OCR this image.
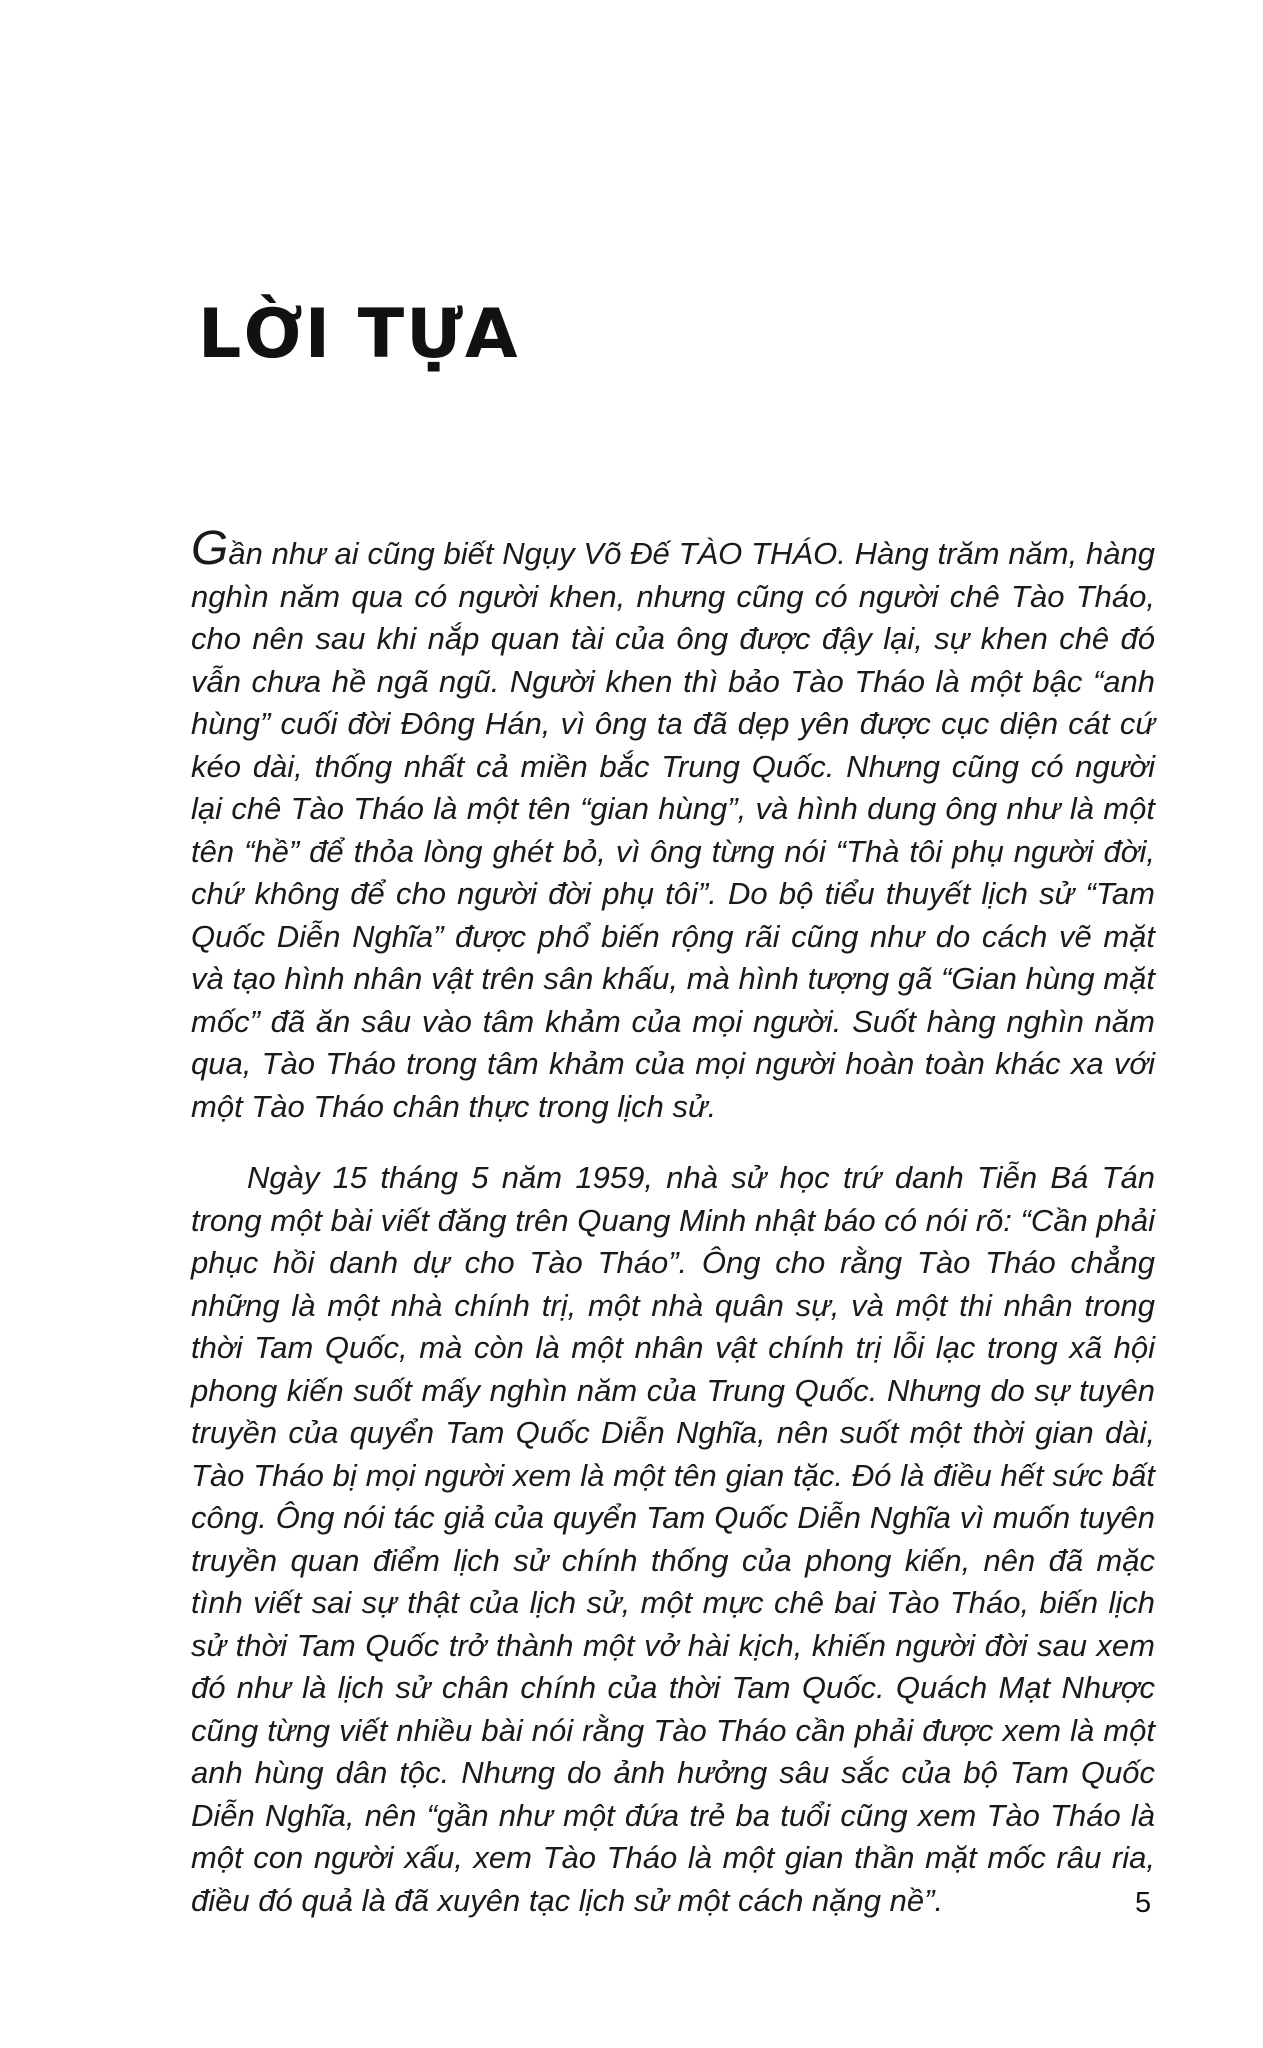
LỜI TỰA

Gần như ai cũng biết Ngụy Võ Đế TÀO THÁO. Hàng trăm năm, hàng nghìn năm qua có người khen, nhưng cũng có người chê Tào Tháo, cho nên sau khi nắp quan tài của ông được đậy lại, sự khen chê đó vẫn chưa hề ngã ngũ. Người khen thì bảo Tào Tháo là một bậc “anh hùng” cuối đời Đông Hán, vì ông ta đã dẹp yên được cục diện cát cứ kéo dài, thống nhất cả miền bắc Trung Quốc. Nhưng cũng có người lại chê Tào Tháo là một tên “gian hùng”, và hình dung ông như là một tên “hề” để thỏa lòng ghét bỏ, vì ông từng nói “Thà tôi phụ người đời, chứ không để cho người đời phụ tôi”. Do bộ tiểu thuyết lịch sử “Tam Quốc Diễn Nghĩa” được phổ biến rộng rãi cũng như do cách vẽ mặt và tạo hình nhân vật trên sân khấu, mà hình tượng gã “Gian hùng mặt mốc” đã ăn sâu vào tâm khảm của mọi người. Suốt hàng nghìn năm qua, Tào Tháo trong tâm khảm của mọi người hoàn toàn khác xa với một Tào Tháo chân thực trong lịch sử.

Ngày 15 tháng 5 năm 1959, nhà sử học trứ danh Tiễn Bá Tán trong một bài viết đăng trên Quang Minh nhật báo có nói rõ: “Cần phải phục hồi danh dự cho Tào Tháo”. Ông cho rằng Tào Tháo chẳng những là một nhà chính trị, một nhà quân sự, và một thi nhân trong thời Tam Quốc, mà còn là một nhân vật chính trị lỗi lạc trong xã hội phong kiến suốt mấy nghìn năm của Trung Quốc. Nhưng do sự tuyên truyền của quyển Tam Quốc Diễn Nghĩa, nên suốt một thời gian dài, Tào Tháo bị mọi người xem là một tên gian tặc. Đó là điều hết sức bất công. Ông nói tác giả của quyển Tam Quốc Diễn Nghĩa vì muốn tuyên truyền quan điểm lịch sử chính thống của phong kiến, nên đã mặc tình viết sai sự thật của lịch sử, một mực chê bai Tào Tháo, biến lịch sử thời Tam Quốc trở thành một vở hài kịch, khiến người đời sau xem đó như là lịch sử chân chính của thời Tam Quốc. Quách Mạt Nhược cũng từng viết nhiều bài nói rằng Tào Tháo cần phải được xem là một anh hùng dân tộc. Nhưng do ảnh hưởng sâu sắc của bộ Tam Quốc Diễn Nghĩa, nên “gần như một đứa trẻ ba tuổi cũng xem Tào Tháo là một con người xấu, xem Tào Tháo là một gian thần mặt mốc râu ria, điều đó quả là đã xuyên tạc lịch sử một cách nặng nề”.	5
